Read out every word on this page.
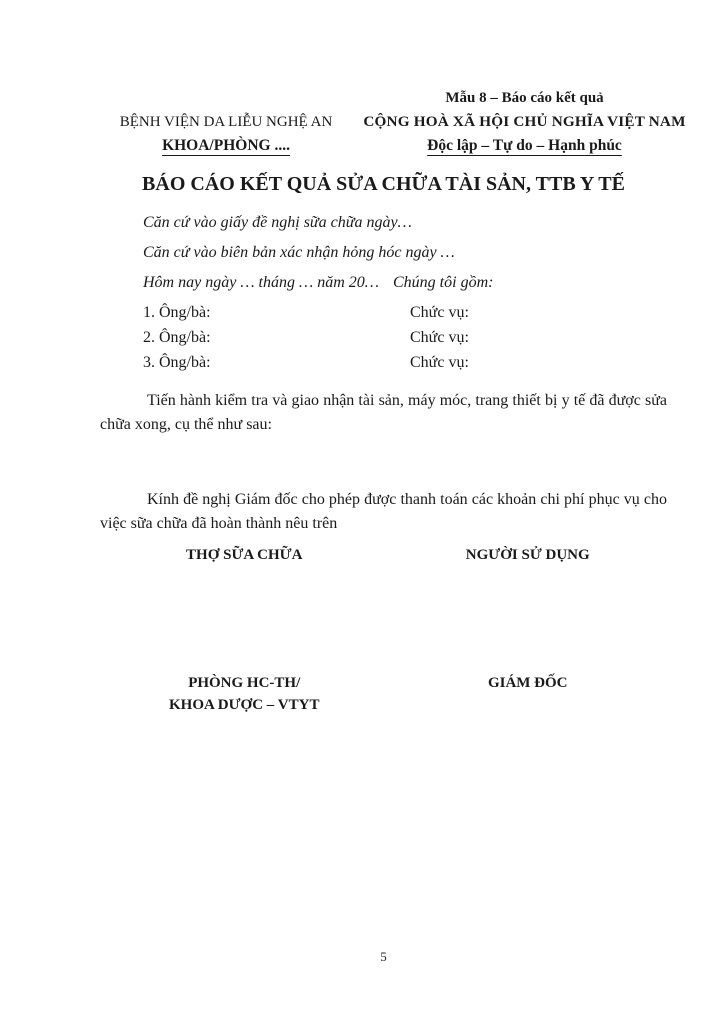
BỆNH VIỆN DA LIỄU NGHỆ AN
KHOA/PHÒNG ....
Mẫu 8 – Báo cáo kết quả
CỘNG HOÀ XÃ HỘI CHỦ NGHĨA VIỆT NAM
Độc lập – Tự do – Hạnh phúc
BÁO CÁO KẾT QUẢ SỬA CHỮA TÀI SẢN, TTB Y TẾ
Căn cứ vào giấy đề nghị sữa chữa ngày…
Căn cứ vào biên bản xác nhận hỏng hóc ngày …
Hôm nay ngày … tháng … năm 20… Chúng tôi gồm:
1. Ông/bà:	Chức vụ:
2. Ông/bà:	Chức vụ:
3. Ông/bà:	Chức vụ:
Tiến hành kiểm tra và giao nhận tài sản, máy móc, trang thiết bị y tế đã được sửa chữa xong, cụ thể như sau:
Kính đề nghị Giám đốc cho phép được thanh toán các khoản chi phí phục vụ cho việc sữa chữa đã hoàn thành nêu trên
THỢ SỮA CHỮA	NGƯỜI SỬ DỤNG
PHÒNG HC-TH/
KHOA DƯỢC – VTYT
GIÁM ĐỐC
5
